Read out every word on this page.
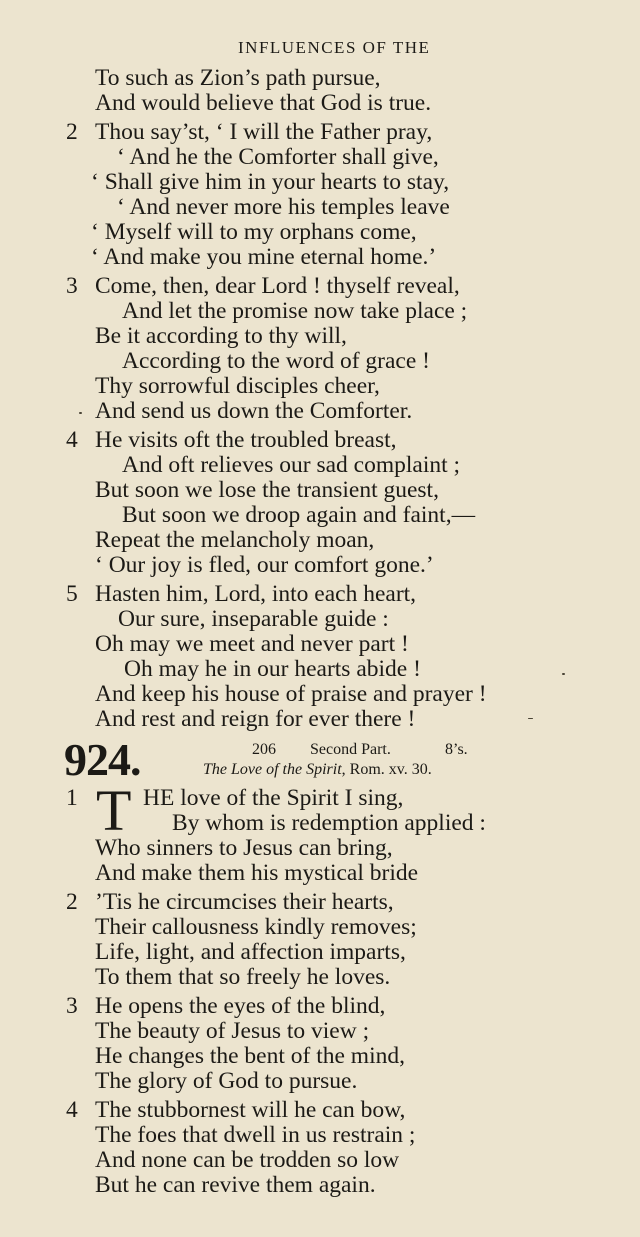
INFLUENCES OF THE
To such as Zion’s path pursue,
And would believe that God is true.
2 Thou say’st, ‘ I will the Father pray,
‘ And he the Comforter shall give,
‘ Shall give him in your hearts to stay,
‘ And never more his temples leave
‘ Myself will to my orphans come,
‘ And make you mine eternal home.’
3 Come, then, dear Lord ! thyself reveal,
And let the promise now take place ;
Be it according to thy will,
According to the word of grace !
Thy sorrowful disciples cheer,
And send us down the Comforter.
4 He visits oft the troubled breast,
And oft relieves our sad complaint ;
But soon we lose the transient guest,
But soon we droop again and faint,—
Repeat the melancholy moan,
‘ Our joy is fled, our comfort gone.’
5 Hasten him, Lord, into each heart,
Our sure, inseparable guide :
Oh may we meet and never part !
Oh may he in our hearts abide !
And keep his house of praise and prayer !
And rest and reign for ever there !
924.	206 Second Part.	8’s.
The Love of the Spirit, Rom. xv. 30.
T
1	HE love of the Spirit I sing,
By whom is redemption applied :
Who sinners to Jesus can bring,
And make them his mystical bride
2 ’Tis he circumcises their hearts,
Their callousness kindly removes;
Life, light, and affection imparts,
To them that so freely he loves.
3 He opens the eyes of the blind,
The beauty of Jesus to view ;
He changes the bent of the mind,
The glory of God to pursue.
4 The stubbornest will he can bow,
The foes that dwell in us restrain ;
And none can be trodden so low
But he can revive them again.
